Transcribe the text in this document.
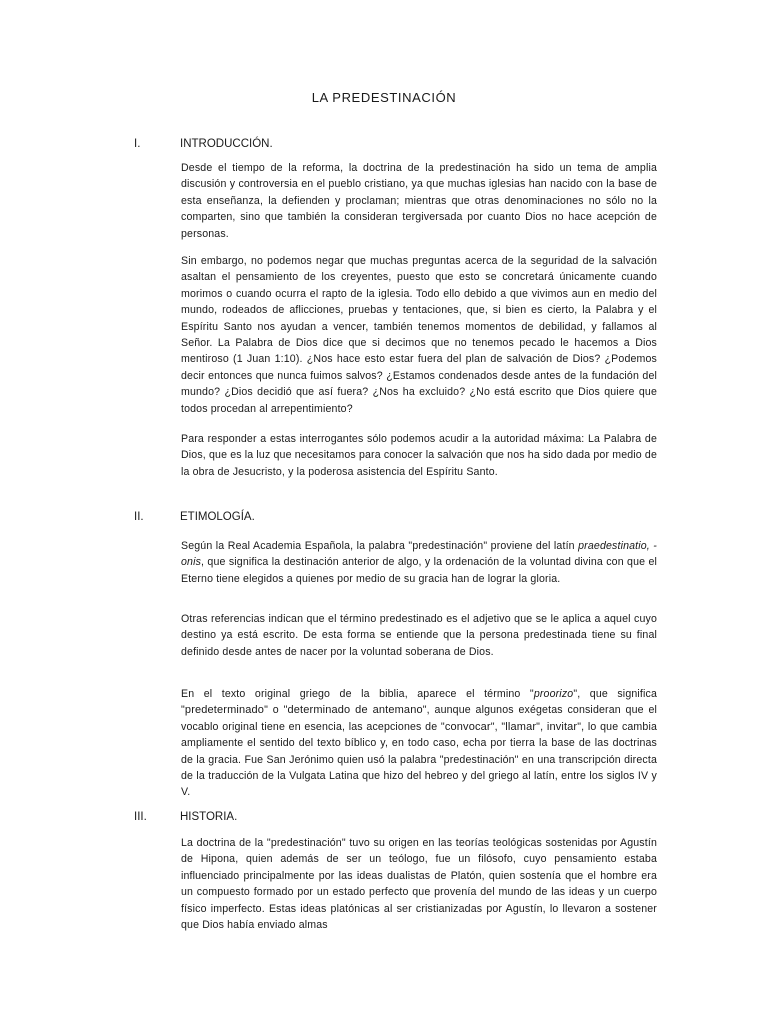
LA PREDESTINACIÓN
I.	INTRODUCCIÓN.

Desde el tiempo de la reforma, la doctrina de la predestinación ha sido un tema de amplia discusión y controversia en el pueblo cristiano, ya que muchas iglesias han nacido con la base de esta enseñanza, la defienden y proclaman; mientras que otras denominaciones no sólo no la comparten, sino que también la consideran tergiversada por cuanto Dios no hace acepción de personas.

Sin embargo, no podemos negar que muchas preguntas acerca de la seguridad de la salvación asaltan el pensamiento de los creyentes, puesto que esto se concretará únicamente cuando morimos o cuando ocurra el rapto de la iglesia. Todo ello debido a que vivimos aun en medio del mundo, rodeados de aflicciones, pruebas y tentaciones, que, si bien es cierto, la Palabra y el Espíritu Santo nos ayudan a vencer, también tenemos momentos de debilidad, y fallamos al Señor. La Palabra de Dios dice que si decimos que no tenemos pecado le hacemos a Dios mentiroso (1 Juan 1:10). ¿Nos hace esto estar fuera del plan de salvación de Dios? ¿Podemos decir entonces que nunca fuimos salvos? ¿Estamos condenados desde antes de la fundación del mundo? ¿Dios decidió que así fuera? ¿Nos ha excluido? ¿No está escrito que Dios quiere que todos procedan al arrepentimiento?

Para responder a estas interrogantes sólo podemos acudir a la autoridad máxima: La Palabra de Dios, que es la luz que necesitamos para conocer la salvación que nos ha sido dada por medio de la obra de Jesucristo, y la poderosa asistencia del Espíritu Santo.

II.	ETIMOLOGÍA.

Según la Real Academia Española, la palabra "predestinación" proviene del latín praedestinatio, -onis, que significa la destinación anterior de algo, y la ordenación de la voluntad divina con que el Eterno tiene elegidos a quienes por medio de su gracia han de lograr la gloria.

Otras referencias indican que el término predestinado es el adjetivo que se le aplica a aquel cuyo destino ya está escrito. De esta forma se entiende que la persona predestinada tiene su final definido desde antes de nacer por la voluntad soberana de Dios.

En el texto original griego de la biblia, aparece el término "proorizo", que significa "predeterminado" o "determinado de antemano", aunque algunos exégetas consideran que el vocablo original tiene en esencia, las acepciones de "convocar", "llamar", invitar", lo que cambia ampliamente el sentido del texto bíblico y, en todo caso, echa por tierra la base de las doctrinas de la gracia. Fue San Jerónimo quien usó la palabra "predestinación" en una transcripción directa de la traducción de la Vulgata Latina que hizo del hebreo y del griego al latín, entre los siglos IV y V.

III.	HISTORIA.

La doctrina de la "predestinación" tuvo su origen en las teorías teológicas sostenidas por Agustín de Hipona, quien además de ser un teólogo, fue un filósofo, cuyo pensamiento estaba influenciado principalmente por las ideas dualistas de Platón, quien sostenía que el hombre era un compuesto formado por un estado perfecto que provenía del mundo de las ideas y un cuerpo físico imperfecto. Estas ideas platónicas al ser cristianizadas por Agustín, lo llevaron a sostener que Dios había enviado almas
